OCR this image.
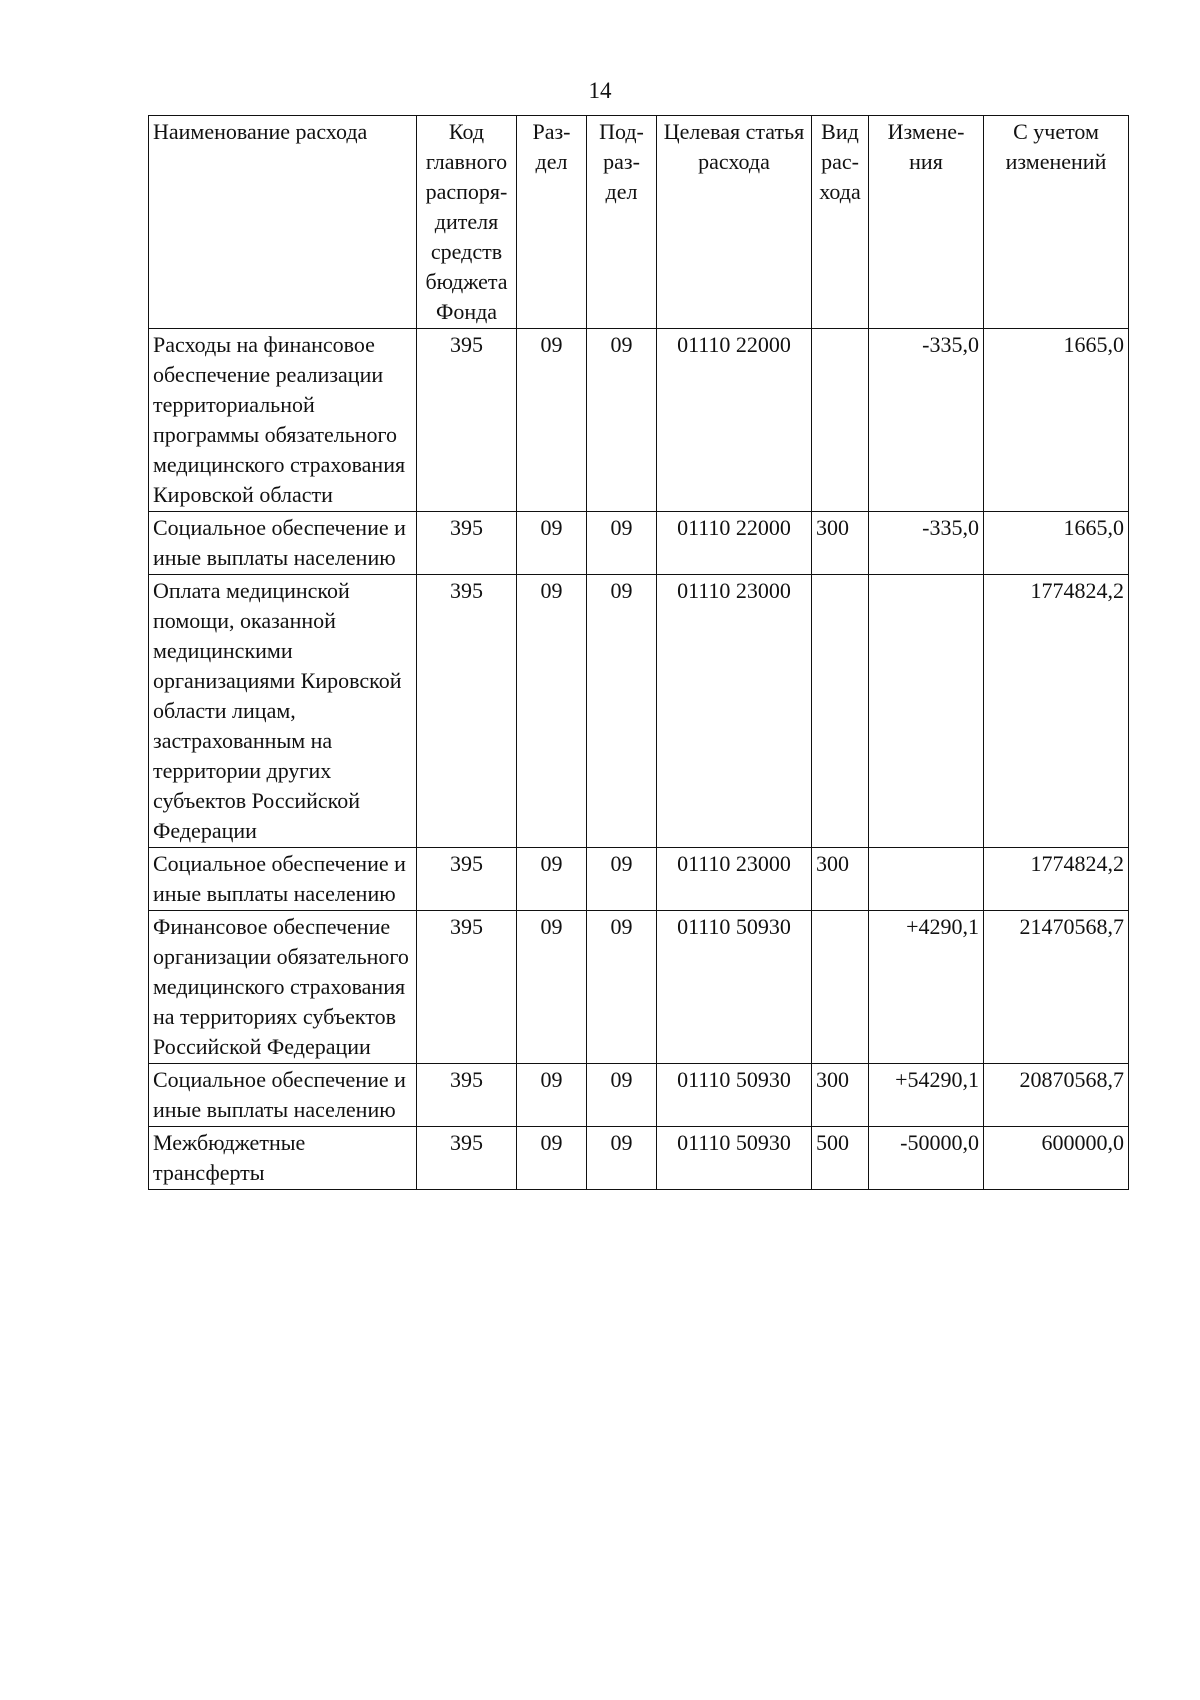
14
Наименование расхода	Код главного распоря-дителя средств бюджета Фонда	Раз-дел	Под-раз-дел	Целевая статья расхода	Вид рас-хода	Измене-ния	С учетом изменений
Расходы на финансовое обеспечение реализации территориальной программы обязательного медицинского страхования Кировской области	395	09	09	01110 22000		-335,0	1665,0
Социальное обеспечение и иные выплаты населению	395	09	09	01110 22000	300	-335,0	1665,0
Оплата медицинской помощи, оказанной медицинскими организациями Кировской области лицам, застрахованным на территории других субъектов Российской Федерации	395	09	09	01110 23000			1774824,2
Социальное обеспечение и иные выплаты населению	395	09	09	01110 23000	300		1774824,2
Финансовое обеспечение организации обязательного медицинского страхования на территориях субъектов Российской Федерации	395	09	09	01110 50930		+4290,1	21470568,7
Социальное обеспечение и иные выплаты населению	395	09	09	01110 50930	300	+54290,1	20870568,7
Межбюджетные трансферты	395	09	09	01110 50930	500	-50000,0	600000,0
